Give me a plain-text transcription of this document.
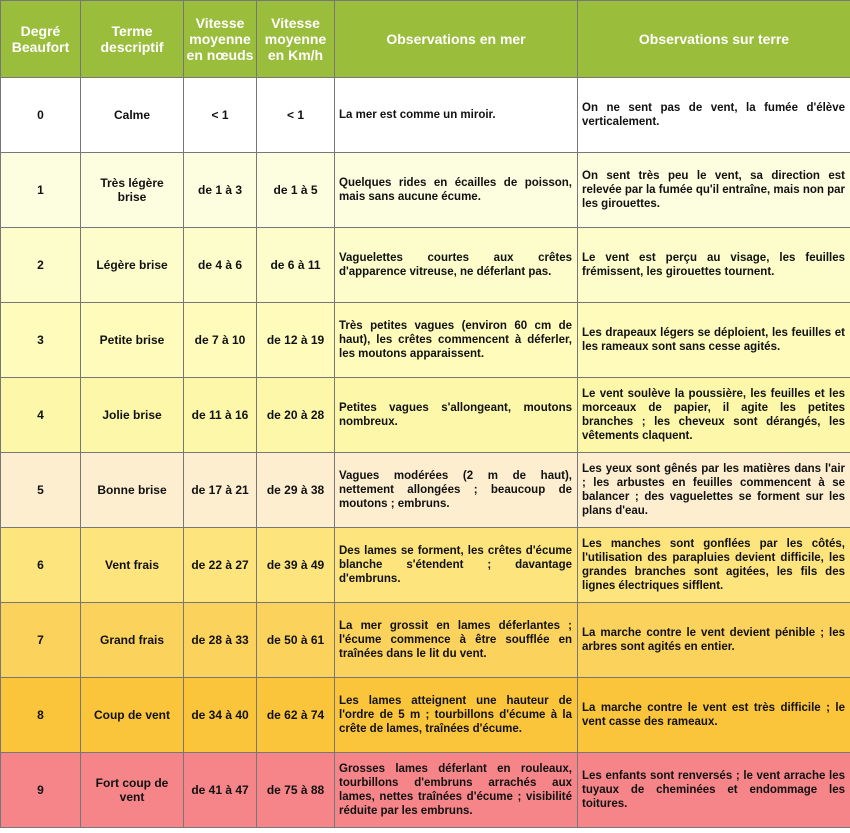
Degré Beaufort	Terme descriptif	Vitesse moyenne en nœuds	Vitesse moyenne en Km/h	Observations en mer	Observations sur terre
0	Calme	< 1	< 1	La mer est comme un miroir.	On ne sent pas de vent, la fumée d'élève verticalement.
1	Très légère brise	de 1 à 3	de 1 à 5	Quelques rides en écailles de poisson, mais sans aucune écume.	On sent très peu le vent, sa direction est relevée par la fumée qu'il entraîne, mais non par les girouettes.
2	Légère brise	de 4 à 6	de 6 à 11	Vaguelettes courtes aux crêtes d'apparence vitreuse, ne déferlant pas.	Le vent est perçu au visage, les feuilles frémissent, les girouettes tournent.
3	Petite brise	de 7 à 10	de 12 à 19	Très petites vagues (environ 60 cm de haut), les crêtes commencent à déferler, les moutons apparaissent.	Les drapeaux légers se déploient, les feuilles et les rameaux sont sans cesse agités.
4	Jolie brise	de 11 à 16	de 20 à 28	Petites vagues s'allongeant, moutons nombreux.	Le vent soulève la poussière, les feuilles et les morceaux de papier, il agite les petites branches ; les cheveux sont dérangés, les vêtements claquent.
5	Bonne brise	de 17 à 21	de 29 à 38	Vagues modérées (2 m de haut), nettement allongées ; beaucoup de moutons ; embruns.	Les yeux sont gênés par les matières dans l'air ; les arbustes en feuilles commencent à se balancer ; des vaguelettes se forment sur les plans d'eau.
6	Vent frais	de 22 à 27	de 39 à 49	Des lames se forment, les crêtes d'écume blanche s'étendent ; davantage d'embruns.	Les manches sont gonflées par les côtés, l'utilisation des parapluies devient difficile, les grandes branches sont agitées, les fils des lignes électriques sifflent.
7	Grand frais	de 28 à 33	de 50 à 61	La mer grossit en lames déferlantes ; l'écume commence à être soufflée en traînées dans le lit du vent.	La marche contre le vent devient pénible ; les arbres sont agités en entier.
8	Coup de vent	de 34 à 40	de 62 à 74	Les lames atteignent une hauteur de l'ordre de 5 m ; tourbillons d'écume à la crête de lames, traînées d'écume.	La marche contre le vent est très difficile ; le vent casse des rameaux.
9	Fort coup de vent	de 41 à 47	de 75 à 88	Grosses lames déferlant en rouleaux, tourbillons d'embruns arrachés aux lames, nettes traînées d'écume ; visibilité réduite par les embruns.	Les enfants sont renversés ; le vent arrache les tuyaux de cheminées et endommage les toitures.
